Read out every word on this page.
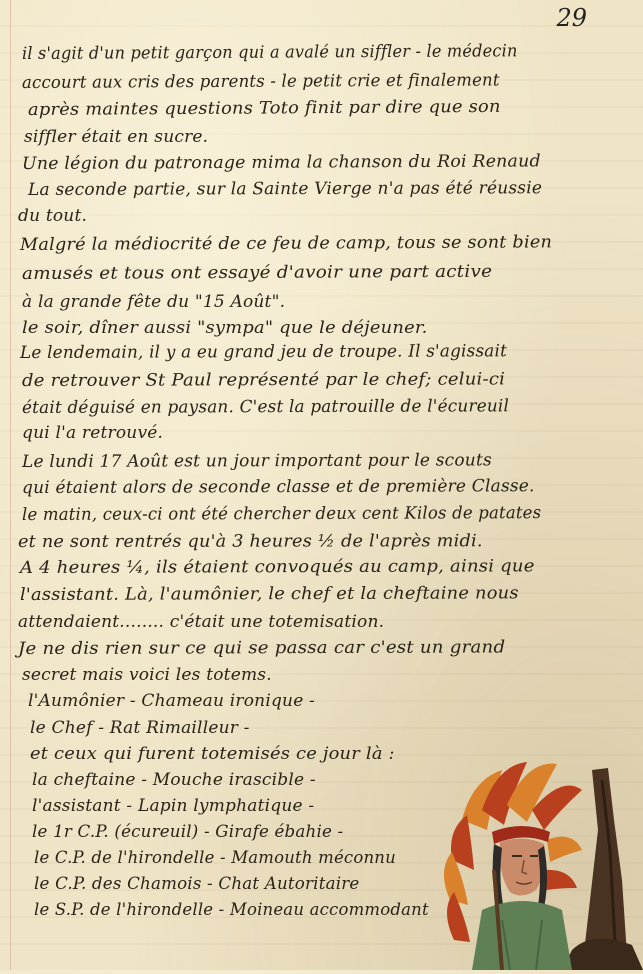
29
il s'agit d'un petit garçon qui a avalé un siffler - le médecin
accourt aux cris des parents - le petit crie et finalement
après maintes questions Toto finit par dire que son
siffler était en sucre.
Une légion du patronage mima la chanson du Roi Renaud
La seconde partie, sur la Sainte Vierge n'a pas été réussie
du tout.
Malgré la médiocrité de ce feu de camp, tous se sont bien
amusés et tous ont essayé d'avoir une part active
à la grande fête du "15 Août".
le soir, dîner aussi "sympa" que le déjeuner.
Le lendemain, il y a eu grand jeu de troupe. Il s'agissait
de retrouver St Paul représenté par le chef; celui-ci
était déguisé en paysan. C'est la patrouille de l'écureuil
qui l'a retrouvé.
Le lundi 17 Août est un jour important pour le scouts
qui étaient alors de seconde classe et de première Classe.
le matin, ceux-ci ont été chercher deux cent Kilos de patates
et ne sont rentrés qu'à 3 heures ½ de l'après midi.
A 4 heures ¼, ils étaient convoqués au camp, ainsi que
l'assistant. Là, l'aumônier, le chef et la cheftaine nous
attendaient........ c'était une totemisation.
Je ne dis rien sur ce qui se passa car c'est un grand
secret mais voici les totems.
l'Aumônier - Chameau ironique -
le Chef - Rat Rimailleur -
et ceux qui furent totemisés ce jour là :
la cheftaine - Mouche irascible -
l'assistant - Lapin lymphatique -
le 1r C.P. (écureuil) - Girafe ébahie -
le C.P. de l'hirondelle - Mamouth méconnu
le C.P. des Chamois - Chat Autoritaire
le S.P. de l'hirondelle - Moineau accommodant
